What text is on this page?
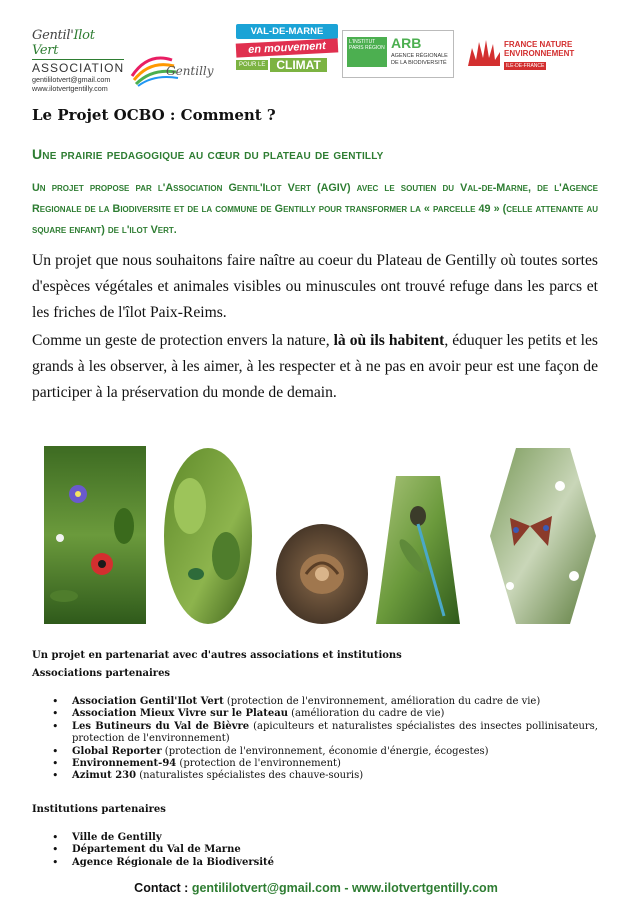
Gentil'Ilot Vert
ASSOCIATION
gentililotvert@gmail.com
www.ilotvertgentilly.com
Gentilly
VAL-DE-MARNE
en mouvement
POUR LE CLIMAT
L'INSTITUT PARIS RÉGION ARB
AGENCE RÉGIONALE DE LA BIODIVERSITÉ
FRANCE NATURE
ENVIRONNEMENT
ILE-DE-FRANCE
Le Projet OCBO : Comment ?
Une prairie pedagogique au cœur du plateau de gentilly
Un projet propose par l'Association Gentil'Ilot Vert (AGIV) avec le soutien du Val-de-Marne, de l'Agence Regionale de la Biodiversite et de la commune de Gentilly pour transformer la « parcelle 49 » (celle attenante au square enfant) de l'ilot Vert.
Un projet que nous souhaitons faire naître au coeur du Plateau de Gentilly où toutes sortes d'espèces végétales et animales visibles ou minuscules ont trouvé refuge dans les parcs et les friches de l'îlot Paix-Reims.
Comme un geste de protection envers la nature, là où ils habitent, éduquer les petits et les grands à les observer, à les aimer, à les respecter et à ne pas en avoir peur est une façon de participer à la préservation du monde de demain.
Un projet en partenariat avec d'autres associations et institutions
Associations partenaires
• Association Gentil'Ilot Vert (protection de l'environnement, amélioration du cadre de vie)
• Association Mieux Vivre sur le Plateau (amélioration du cadre de vie)
• Les Butineurs du Val de Bièvre (apiculteurs et naturalistes spécialistes des insectes pollinisateurs, protection de l'environnement)
• Global Reporter (protection de l'environnement, économie d'énergie, écogestes)
• Environnement-94 (protection de l'environnement)
• Azimut 230 (naturalistes spécialistes des chauve-souris)
Institutions partenaires
• Ville de Gentilly
• Département du Val de Marne
• Agence Régionale de la Biodiversité
Contact : gentililotvert@gmail.com - www.ilotvertgentilly.com
